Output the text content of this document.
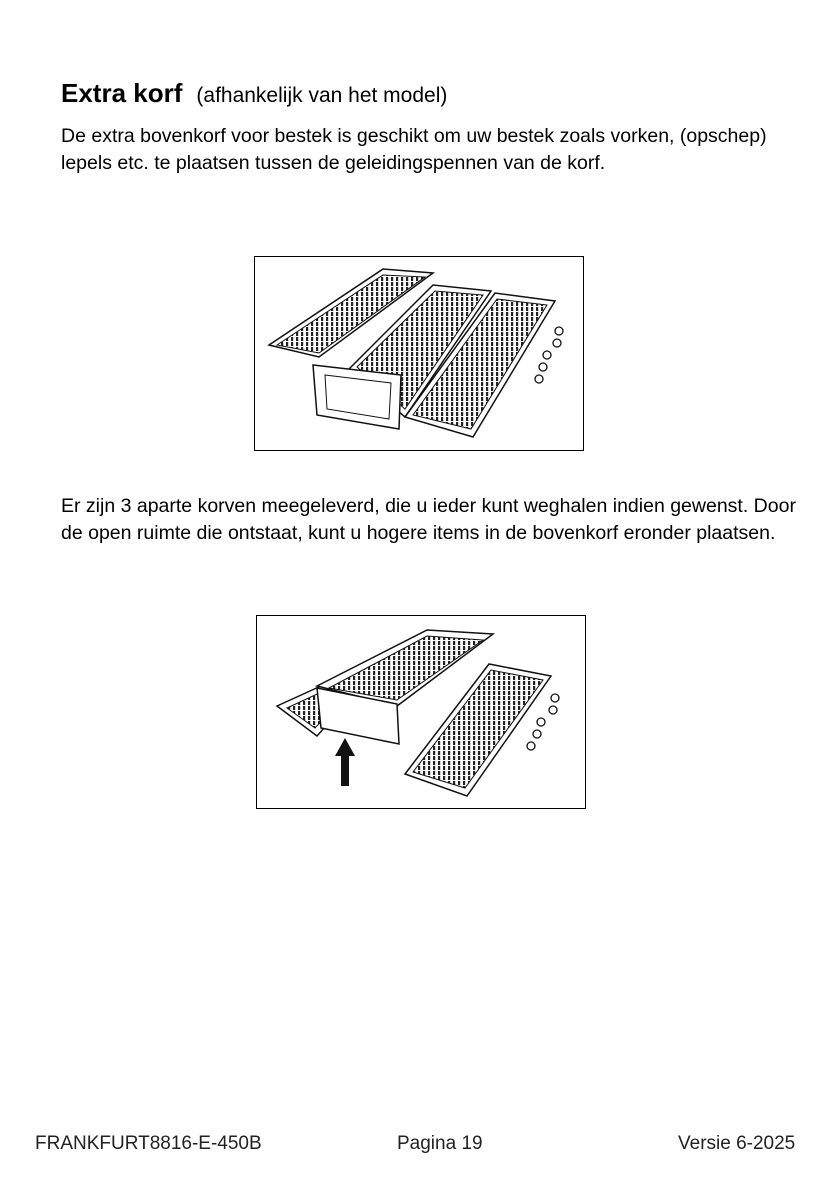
Extra korf (afhankelijk van het model)

De extra bovenkorf voor bestek is geschikt om uw bestek zoals vorken, (opschep) lepels etc. te plaatsen tussen de geleidingspennen van de korf.

Er zijn 3 aparte korven meegeleverd, die u ieder kunt weghalen indien gewenst. Door de open ruimte die ontstaat, kunt u hogere items in de bovenkorf eronder plaatsen.

FRANKFURT8816-E-450B	Pagina 19	Versie 6-2025
